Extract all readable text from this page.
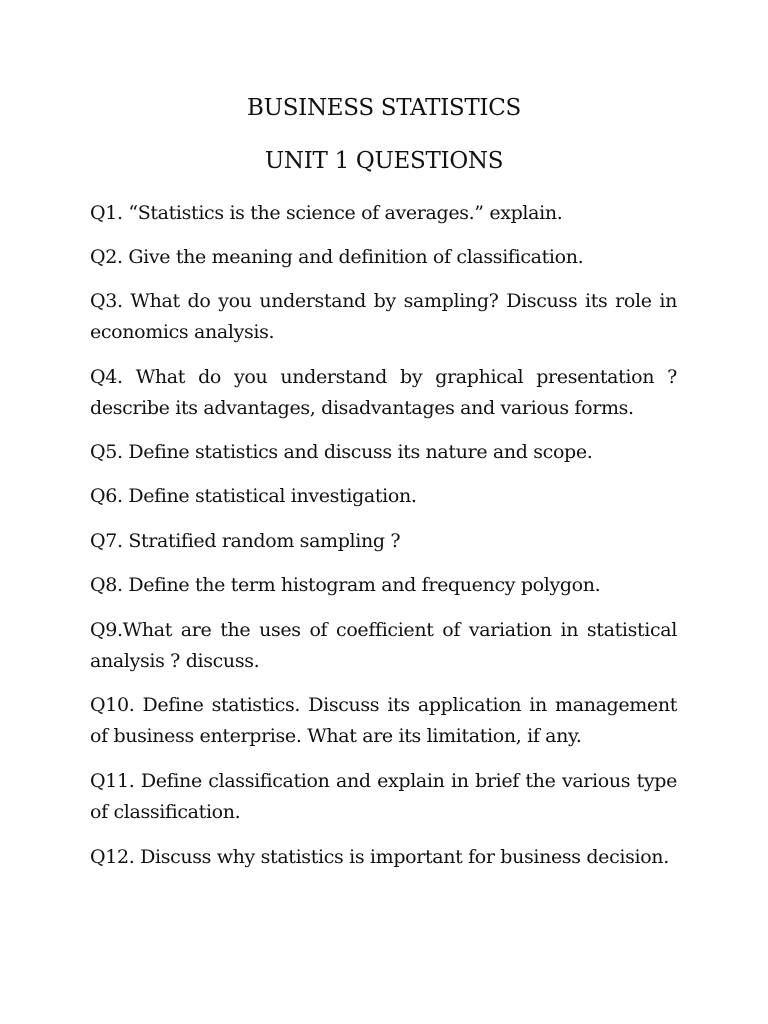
BUSINESS STATISTICS
UNIT 1 QUESTIONS

Q1. “Statistics is the science of averages.” explain.

Q2. Give the meaning and definition of classification.

Q3. What do you understand by sampling? Discuss its role in economics analysis.

Q4. What do you understand by graphical presentation ? describe its advantages, disadvantages and various forms.

Q5. Define statistics and discuss its nature and scope.

Q6. Define statistical investigation.

Q7. Stratified random sampling ?

Q8. Define the term histogram and frequency polygon.

Q9.What are the uses of coefficient of variation in statistical analysis ? discuss.

Q10. Define statistics. Discuss its application in management of business enterprise. What are its limitation, if any.

Q11. Define classification and explain in brief the various type of classification.

Q12. Discuss why statistics is important for business decision.
